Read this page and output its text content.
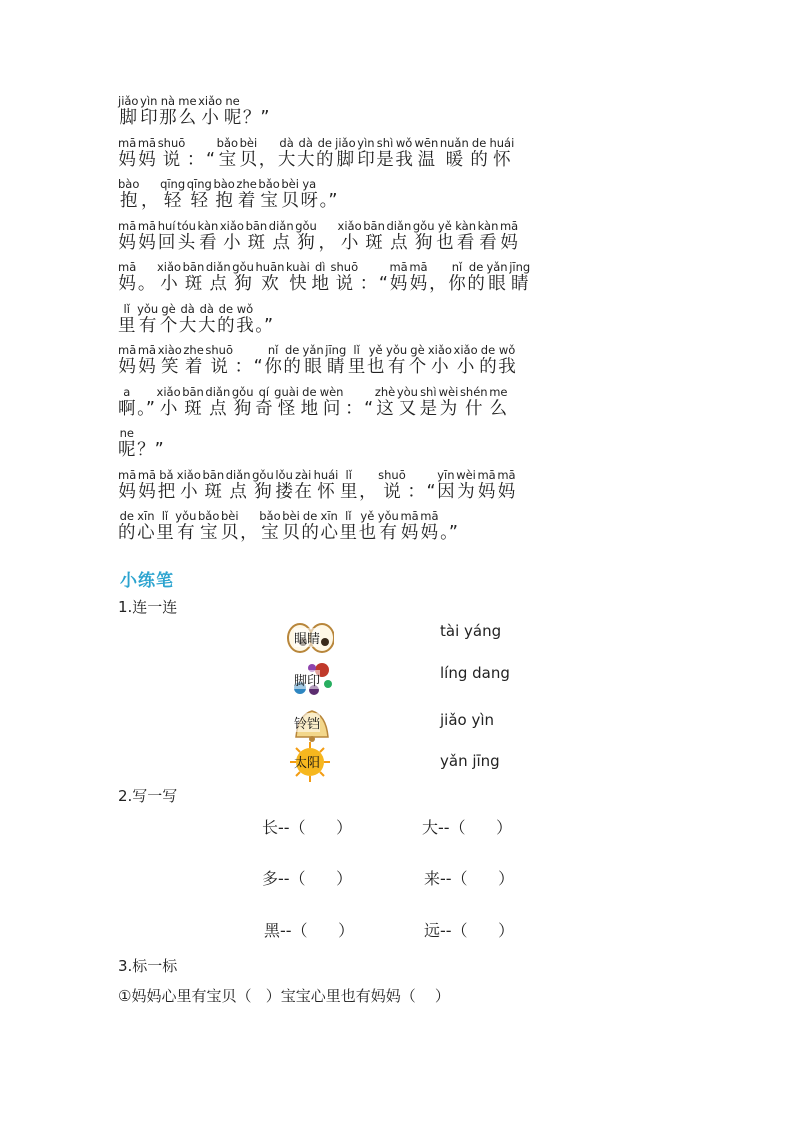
脚jiǎo印yìn那nà么me小xiǎo呢ne？”
妈mā妈mā说shuō：“宝bǎo贝bèi，大dà大dà的de脚jiǎo印yìn是shì我wǒ温wēn暖nuǎn的de怀huái
抱bào，轻qīng轻qīng抱bào着zhe宝bǎo贝bèi呀ya。”
妈mā妈mā回huí头tóu看kàn小xiǎo斑bān点diǎn狗gǒu，小xiǎo斑bān点diǎn狗gǒu也yě看kàn看kàn妈mā
妈mā。小xiǎo斑bān点diǎn狗gǒu欢huān快kuài地dì说shuō：“妈mā妈mā，你nǐ的de眼yǎn睛jīng
里lǐ有yǒu个gè大dà大dà的de我wǒ。”
妈mā妈mā笑xiào着zhe说shuō：“你nǐ的de眼yǎn睛jīng里lǐ也yě有yǒu个gè小xiǎo小xiǎo的de我wǒ
啊a。”小xiǎo斑bān点diǎn狗gǒu奇qí怪guài地de问wèn：“这zhè又yòu是shì为wèi什shén么me
呢ne？”
妈mā妈mā把bǎ小xiǎo斑bān点diǎn狗gǒu搂lǒu在zài怀huái里lǐ，说shuō：“因yīn为wèi妈mā妈mā
的de心xīn里lǐ有yǒu宝bǎo贝bèi，宝bǎo贝bèi的de心xīn里lǐ也yě有yǒu妈mā妈mā。”
小练笔
1.连一连
眼睛	tài yáng
脚印	líng dang
铃铛	jiǎo yìn
太阳	yǎn jīng
2.写一写
长--（      ）	大--（      ）
多--（      ）	来--（      ）
黑--（      ）	远--（      ）
3.标一标
①妈妈心里有宝贝（   ）宝宝心里也有妈妈（    ）
